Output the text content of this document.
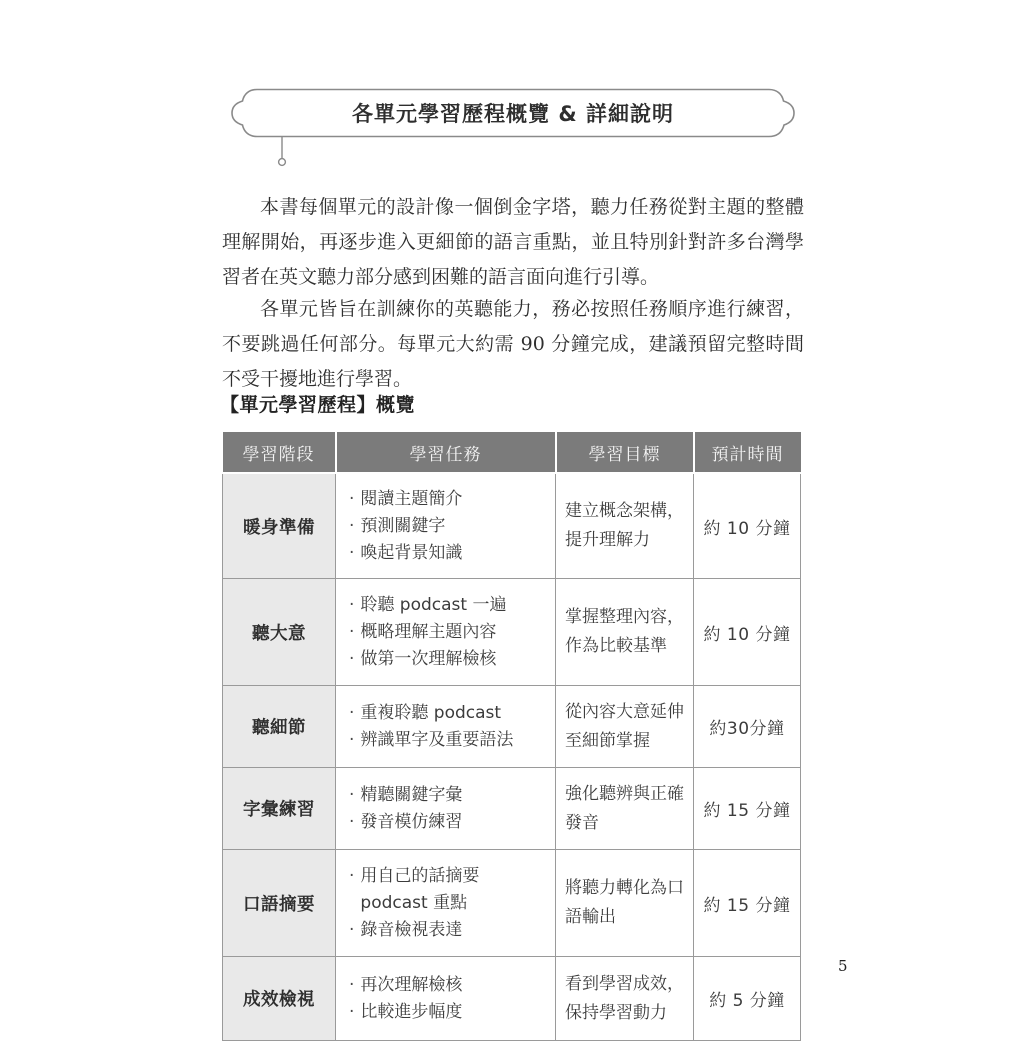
各單元學習歷程概覽 & 詳細說明

本書每個單元的設計像一個倒金字塔，聽力任務從對主題的整體理解開始，再逐步進入更細節的語言重點，並且特別針對許多台灣學習者在英文聽力部分感到困難的語言面向進行引導。

各單元皆旨在訓練你的英聽能力，務必按照任務順序進行練習，不要跳過任何部分。每單元大約需 90 分鐘完成，建議預留完整時間不受干擾地進行學習。

【單元學習歷程】概覽
學習階段	學習任務	學習目標	預計時間
暖身準備	
· 閱讀主題簡介
· 預測關鍵字
· 喚起背景知識
	建立概念架構，提升理解力	約 10 分鐘
聽大意	
· 聆聽 podcast 一遍
· 概略理解主題內容
· 做第一次理解檢核
	掌握整理內容，作為比較基準	約 10 分鐘
聽細節	· 重複聆聽 podcast
· 辨識單字及重要語法	從內容大意延伸至細節掌握	約30分鐘
字彙練習	· 精聽關鍵字彙
· 發音模仿練習	強化聽辨與正確發音	約 15 分鐘
口語摘要	· 用自己的話摘要 podcast 重點
· 錄音檢視表達	將聽力轉化為口語輸出	約 15 分鐘
成效檢視	· 再次理解檢核
· 比較進步幅度	看到學習成效，保持學習動力	約 5 分鐘
5
